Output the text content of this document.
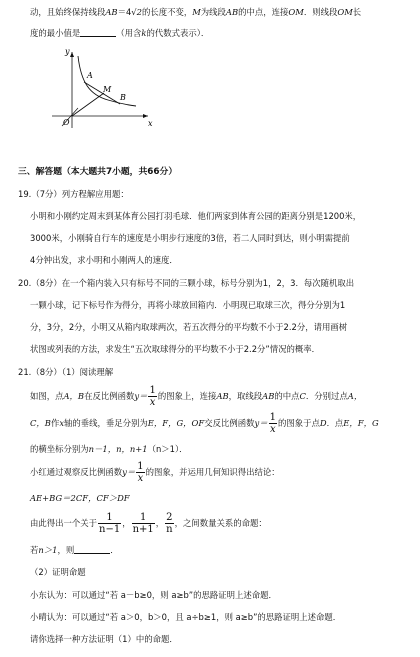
动，且始终保持线段AB＝4√2的长度不变，M为线段AB的中点，连接OM．则线段OM长
度的最小值是	（用含k的代数式表示）．
y
x
O
A
M
B
三、解答题（本大题共7小题，共66分）
19.（7分）列方程解应用题：
小明和小刚约定周末到某体育公园打羽毛球．他们两家到体育公园的距离分别是1200米，
3000米，小刚骑自行车的速度是小明步行速度的3倍，若二人同时到达，则小明需提前
4分钟出发，求小明和小刚两人的速度．
20.（8分）在一个箱内装入只有标号不同的三颗小球，标号分别为1，2，3．每次随机取出
一颗小球，记下标号作为得分，再将小球放回箱内．小明现已取球三次，得分分别为1
分，3分，2分，小明又从箱内取球两次，若五次得分的平均数不小于2.2分，请用画树
状图或列表的方法，求发生“五次取球得分的平均数不小于2.2分”情况的概率．
21.（8分）（1）阅读理解
如图，点A，B在反比例函数$y= \frac{1}{x}$ 的图象上，连接AB，取线段AB的中点C．分别过点A，
C，B作x轴的垂线，垂足分别为E，F，G，OF交反比例函数$y= \frac{1}{x}$ 的图象于点D．点E，F，G
的横坐标分别为n－1，n，n+1（n＞1）．
小红通过观察反比例函数$y= \frac{1}{x}$ 的图象，并运用几何知识得出结论：
AE+BG＝2CF，CF＞DF
由此得出一个关于 $\frac{1}{n-1}$ ， $\frac{1}{n+1}$ ， $\frac{2}{n}$ ，之间数量关系的命题：
若n＞1，则	．
（2）证明命题
小东认为：可以通过“若 a－b≥0，则 a≥b”的思路证明上述命题．
小晴认为：可以通过“若 a＞0，b＞0，且 a÷b≥1，则 a≥b”的思路证明上述命题．
请你选择一种方法证明（1）中的命题．
